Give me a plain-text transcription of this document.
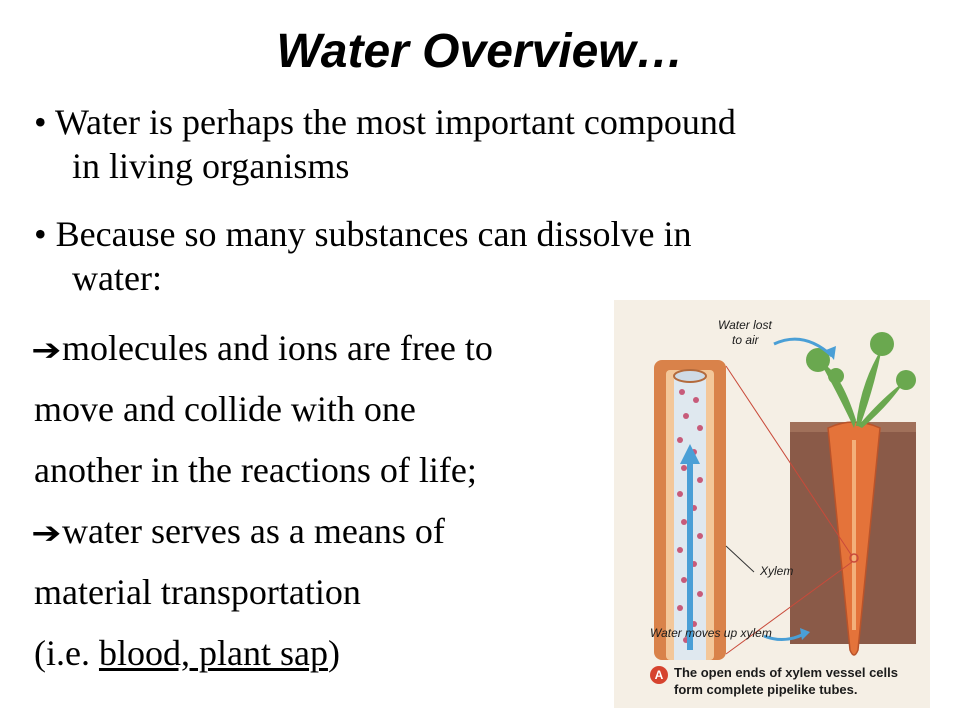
Water Overview…
• Water is perhaps the most important compound
in living organisms
• Because so many substances can dissolve in
water:
➔molecules and ions are free to
move and collide with one
another in the reactions of life;
➔water serves as a means of
material transportation
(i.e. blood, plant sap)
Water lost
to air
Xylem
Water moves up xylem
A The open ends of xylem vessel cells
form complete pipelike tubes.
